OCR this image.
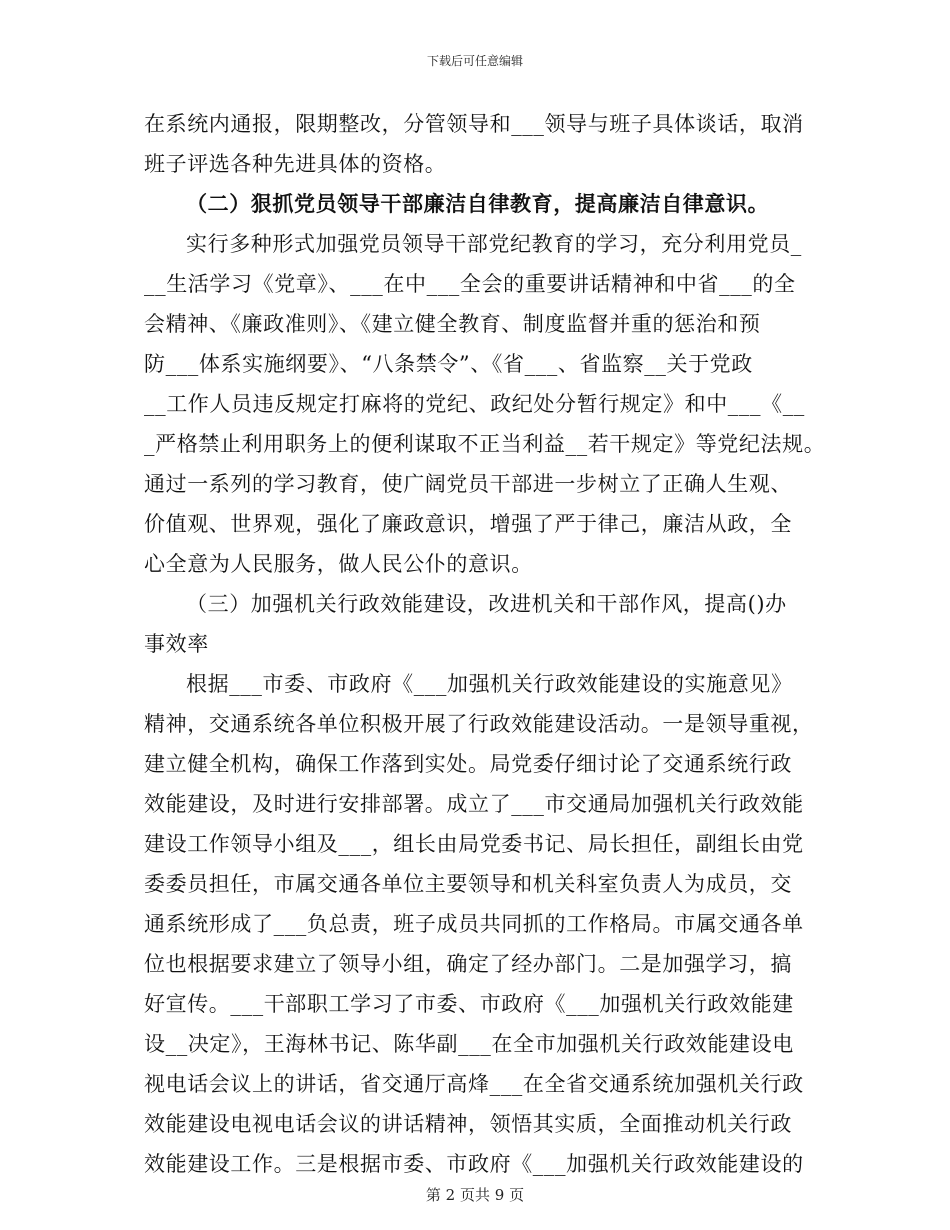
下载后可任意编辑
在系统内通报，限期整改，分管领导和___领导与班子具体谈话，取消
班子评选各种先进具体的资格。
（二）狠抓党员领导干部廉洁自律教育，提高廉洁自律意识。
实行多种形式加强党员领导干部党纪教育的学习，充分利用党员_
__生活学习《党章》、___在中___全会的重要讲话精神和中省___的全
会精神、《廉政准则》、《建立健全教育、制度监督并重的惩治和预
防___体系实施纲要》、“八条禁令”、《省___、省监察__关于党政
__工作人员违反规定打麻将的党纪、政纪处分暂行规定》和中___《__
_严格禁止利用职务上的便利谋取不正当利益__若干规定》等党纪法规。
通过一系列的学习教育，使广阔党员干部进一步树立了正确人生观、
价值观、世界观，强化了廉政意识，增强了严于律己，廉洁从政，全
心全意为人民服务，做人民公仆的意识。
（三）加强机关行政效能建设，改进机关和干部作风，提高()办
事效率
根据___市委、市政府《___加强机关行政效能建设的实施意见》
精神，交通系统各单位积极开展了行政效能建设活动。一是领导重视，
建立健全机构，确保工作落到实处。局党委仔细讨论了交通系统行政
效能建设，及时进行安排部署。成立了___市交通局加强机关行政效能
建设工作领导小组及___，组长由局党委书记、局长担任，副组长由党
委委员担任，市属交通各单位主要领导和机关科室负责人为成员，交
通系统形成了___负总责，班子成员共同抓的工作格局。市属交通各单
位也根据要求建立了领导小组，确定了经办部门。二是加强学习，搞
好宣传。___干部职工学习了市委、市政府《___加强机关行政效能建
设__决定》，王海林书记、陈华副___在全市加强机关行政效能建设电
视电话会议上的讲话，省交通厅高烽___在全省交通系统加强机关行政
效能建设电视电话会议的讲话精神，领悟其实质，全面推动机关行政
效能建设工作。三是根据市委、市政府《___加强机关行政效能建设的
第 2 页共 9 页
